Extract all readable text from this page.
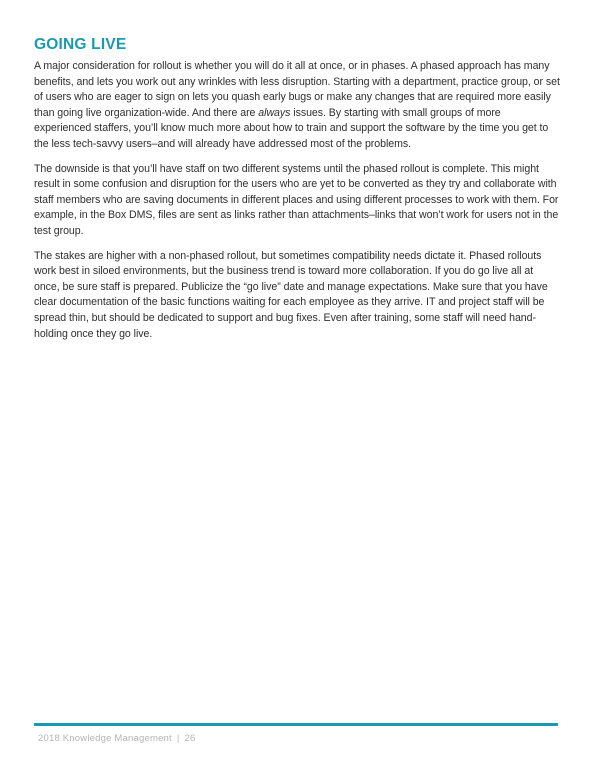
GOING LIVE

A major consideration for rollout is whether you will do it all at once, or in phases. A phased approach has many benefits, and lets you work out any wrinkles with less disruption. Starting with a department, practice group, or set of users who are eager to sign on lets you quash early bugs or make any changes that are required more easily than going live organization-wide. And there are always issues. By starting with small groups of more experienced staffers, you’ll know much more about how to train and support the software by the time you get to the less tech-savvy users–and will already have addressed most of the problems.

The downside is that you’ll have staff on two different systems until the phased rollout is complete. This might result in some confusion and disruption for the users who are yet to be converted as they try and collaborate with staff members who are saving documents in different places and using different processes to work with them. For example, in the Box DMS, files are sent as links rather than attachments–links that won’t work for users not in the test group.

The stakes are higher with a non-phased rollout, but sometimes compatibility needs dictate it. Phased rollouts work best in siloed environments, but the business trend is toward more collaboration. If you do go live all at once, be sure staff is prepared. Publicize the “go live” date and manage expectations. Make sure that you have clear documentation of the basic functions waiting for each employee as they arrive. IT and project staff will be spread thin, but should be dedicated to support and bug fixes. Even after training, some staff will need hand-holding once they go live.

2018 Knowledge Management | 26
